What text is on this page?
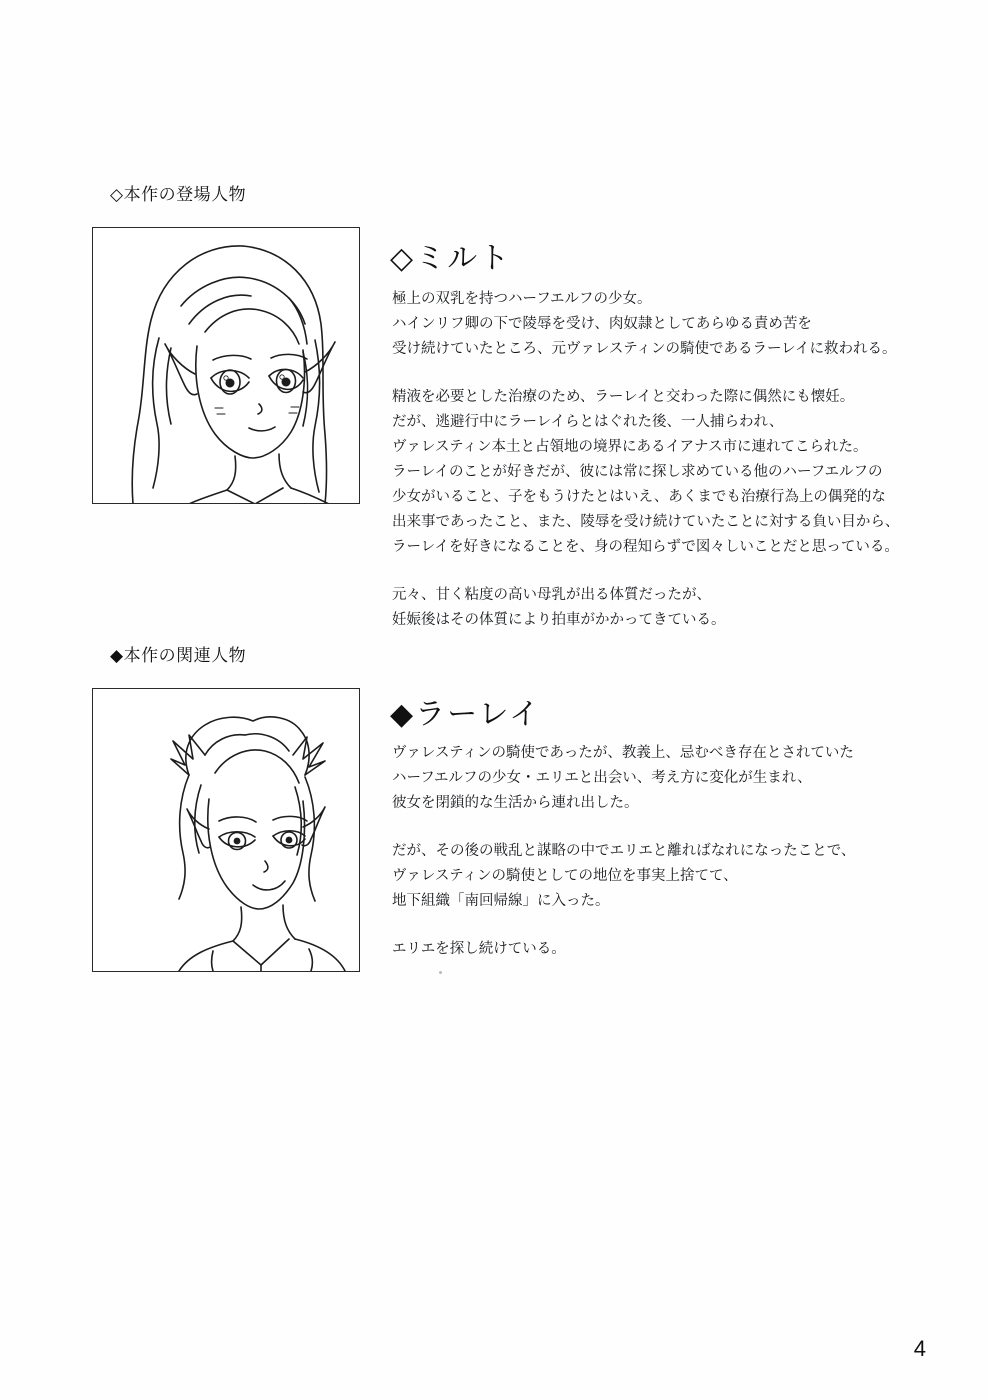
◇本作の登場人物
◇ミルト

極上の双乳を持つハーフエルフの少女。
ハインリフ卿の下で陵辱を受け、肉奴隷としてあらゆる責め苦を
受け続けていたところ、元ヴァレスティンの騎使であるラーレイに救われる。

精液を必要とした治療のため、ラーレイと交わった際に偶然にも懐妊。
だが、逃避行中にラーレイらとはぐれた後、一人捕らわれ、
ヴァレスティン本土と占領地の境界にあるイアナス市に連れてこられた。
ラーレイのことが好きだが、彼には常に探し求めている他のハーフエルフの
少女がいること、子をもうけたとはいえ、あくまでも治療行為上の偶発的な
出来事であったこと、また、陵辱を受け続けていたことに対する負い目から、
ラーレイを好きになることを、身の程知らずで図々しいことだと思っている。

元々、甘く粘度の高い母乳が出る体質だったが、
妊娠後はその体質により拍車がかかってきている。

◆本作の関連人物
◆ラーレイ

ヴァレスティンの騎使であったが、教義上、忌むべき存在とされていた
ハーフエルフの少女・エリエと出会い、考え方に変化が生まれ、
彼女を閉鎖的な生活から連れ出した。

だが、その後の戦乱と謀略の中でエリエと離ればなれになったことで、
ヴァレスティンの騎使としての地位を事実上捨てて、
地下組織「南回帰線」に入った。

エリエを探し続けている。

4
